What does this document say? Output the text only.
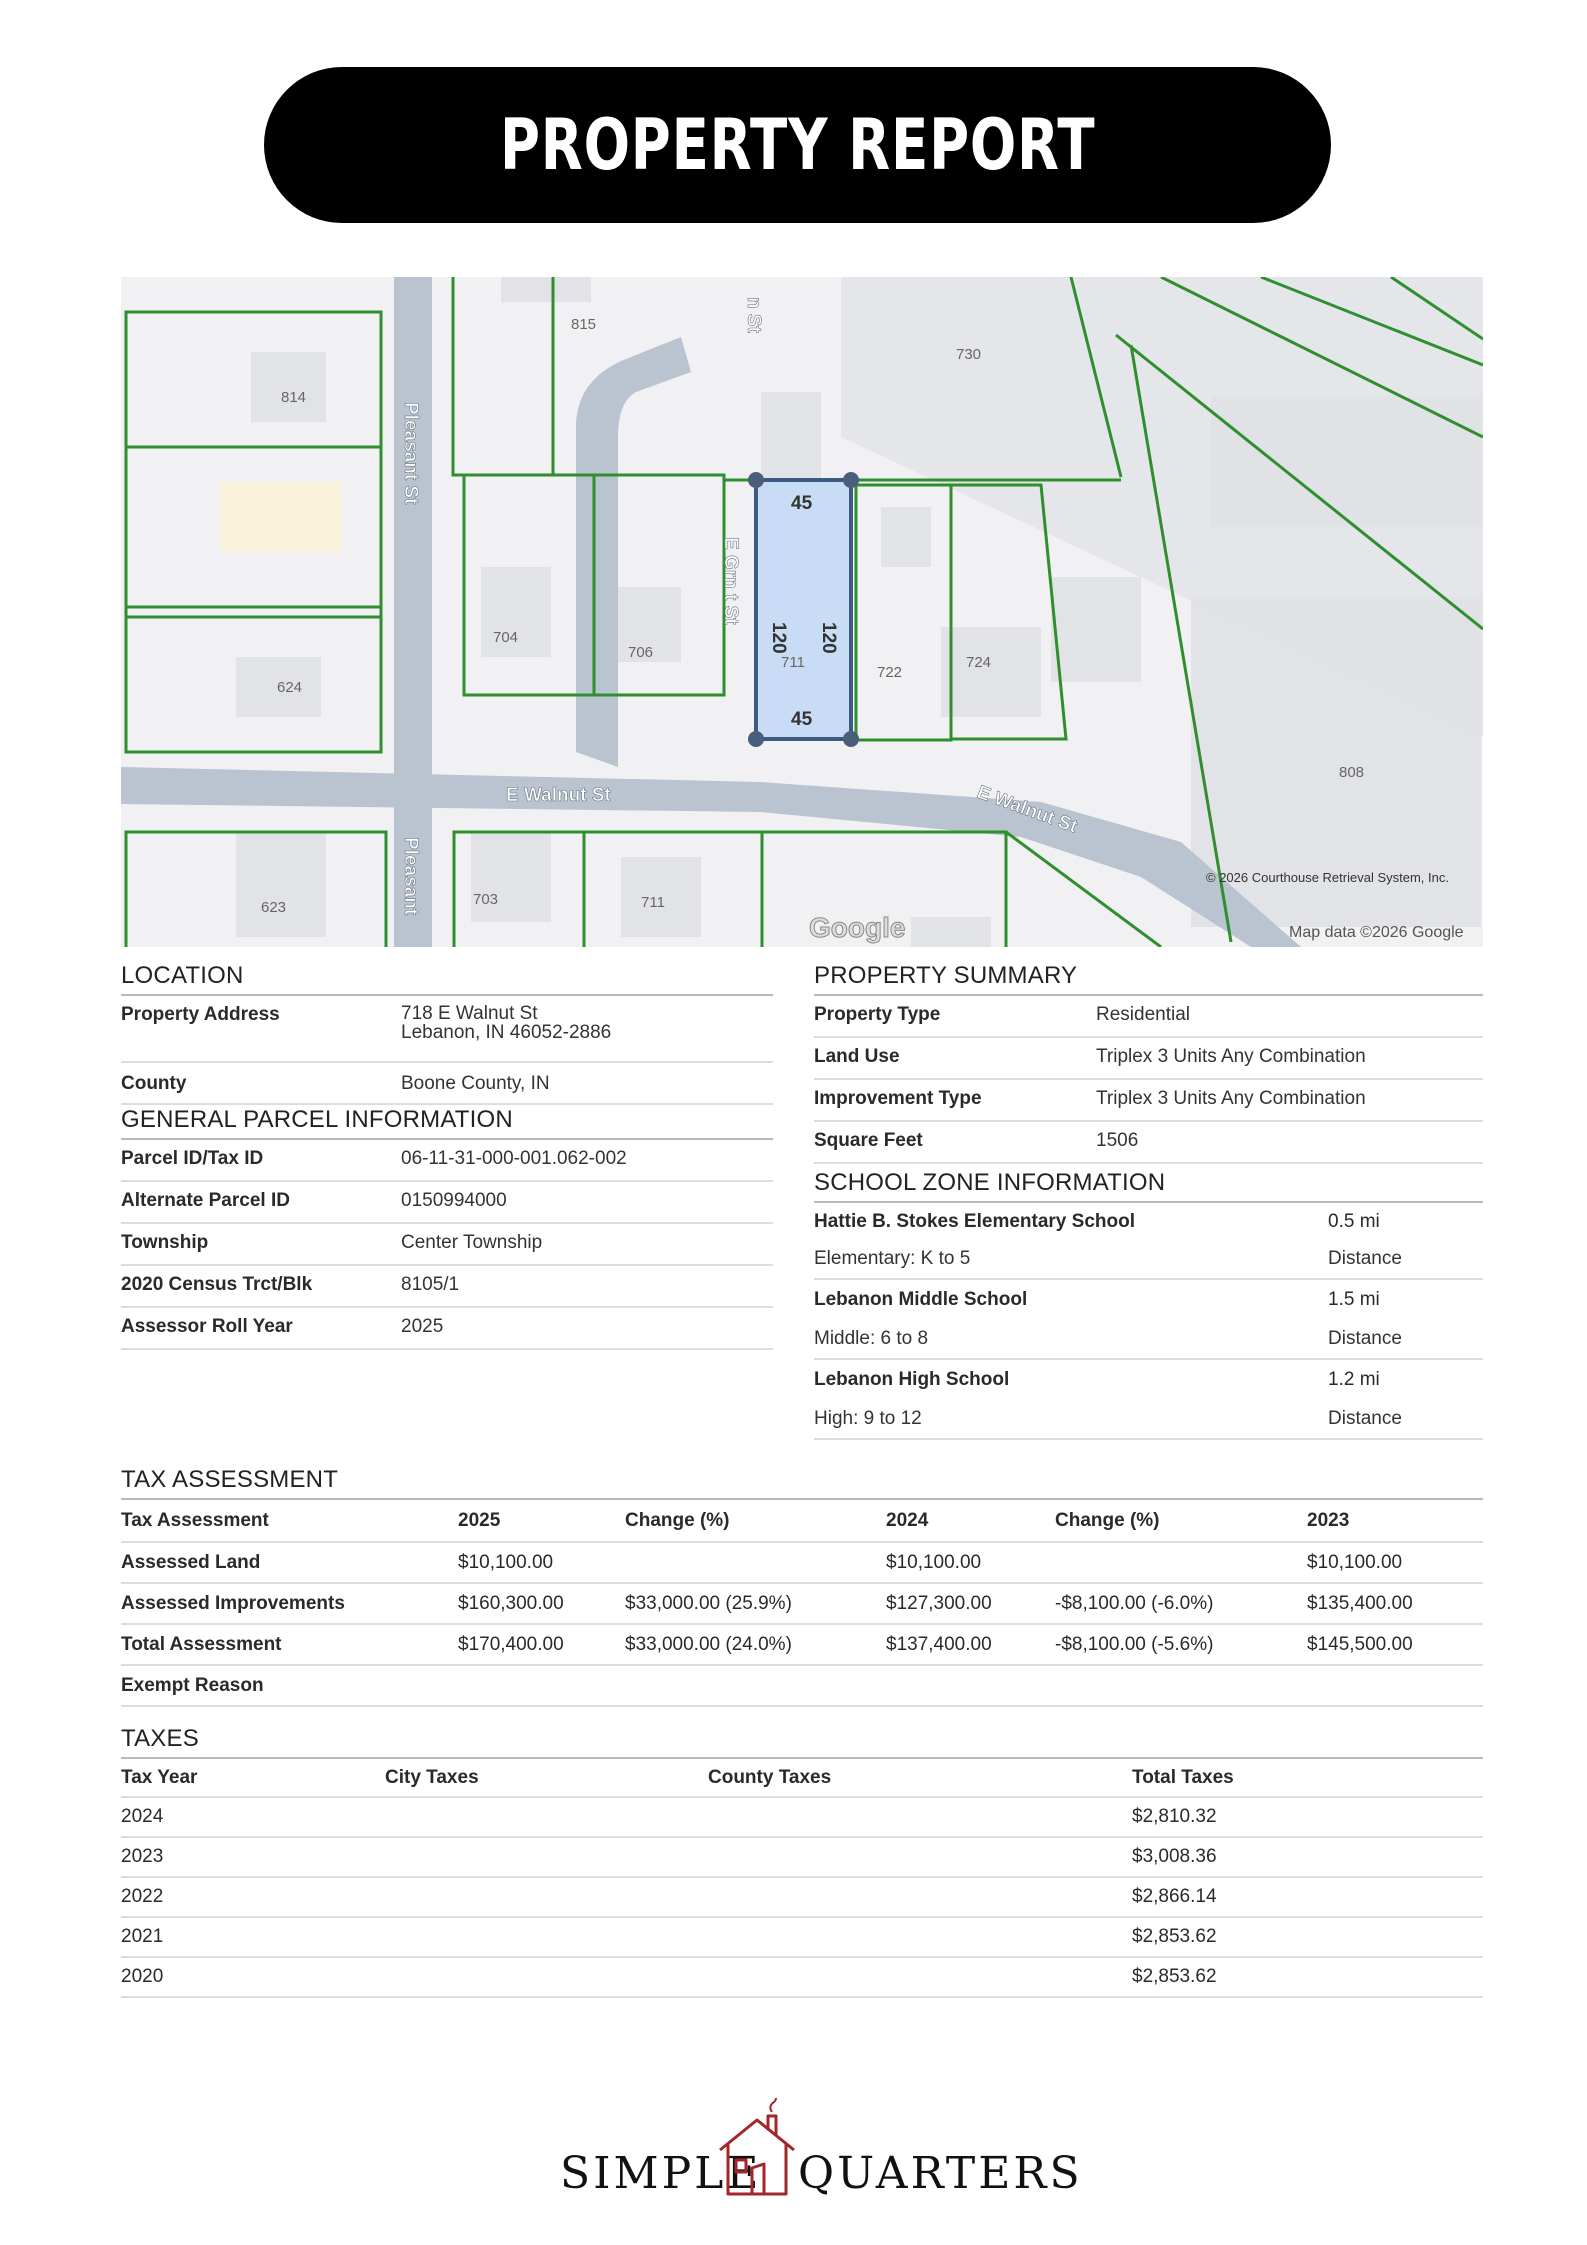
PROPERTY REPORT
815
730
814
704
706
711
722
724
624
808
623	703	711
45
45
120 120
Pleasant St
E Walnut St	E Walnut St
E Grn t St
n St
Pleasant	© 2026 Courthouse Retrieval System, Inc.
Map data ©2026 Google
Google
LOCATION
Property Address	718 E Walnut St
Lebanon, IN 46052-2886
County	Boone County, IN
GENERAL PARCEL INFORMATION
Parcel ID/Tax ID	06-11-31-000-001.062-002
Alternate Parcel ID	0150994000
Township	Center Township
2020 Census Trct/Blk	8105/1
Assessor Roll Year	2025
PROPERTY SUMMARY
Property Type	Residential
Land Use	Triplex 3 Units Any Combination
Improvement Type	Triplex 3 Units Any Combination
Square Feet	1506
SCHOOL ZONE INFORMATION
Hattie B. Stokes Elementary School	0.5 mi
Elementary: K to 5	Distance
Lebanon Middle School	1.5 mi
Middle: 6 to 8	Distance
Lebanon High School	1.2 mi
High: 9 to 12	Distance
TAX ASSESSMENT
Tax Assessment	2025	Change (%)	2024	Change (%)	2023
Assessed Land	$10,100.00		$10,100.00		$10,100.00
Assessed Improvements	$160,300.00	$33,000.00 (25.9%)	$127,300.00	-$8,100.00 (-6.0%)	$135,400.00
Total Assessment	$170,400.00	$33,000.00 (24.0%)	$137,400.00	-$8,100.00 (-5.6%)	$145,500.00
Exempt Reason					
TAXES
Tax Year	City Taxes	County Taxes	Total Taxes
2024			$2,810.32
2023			$3,008.36
2022			$2,866.14
2021			$2,853.62
2020			$2,853.62
SIMPLE QUARTERS
